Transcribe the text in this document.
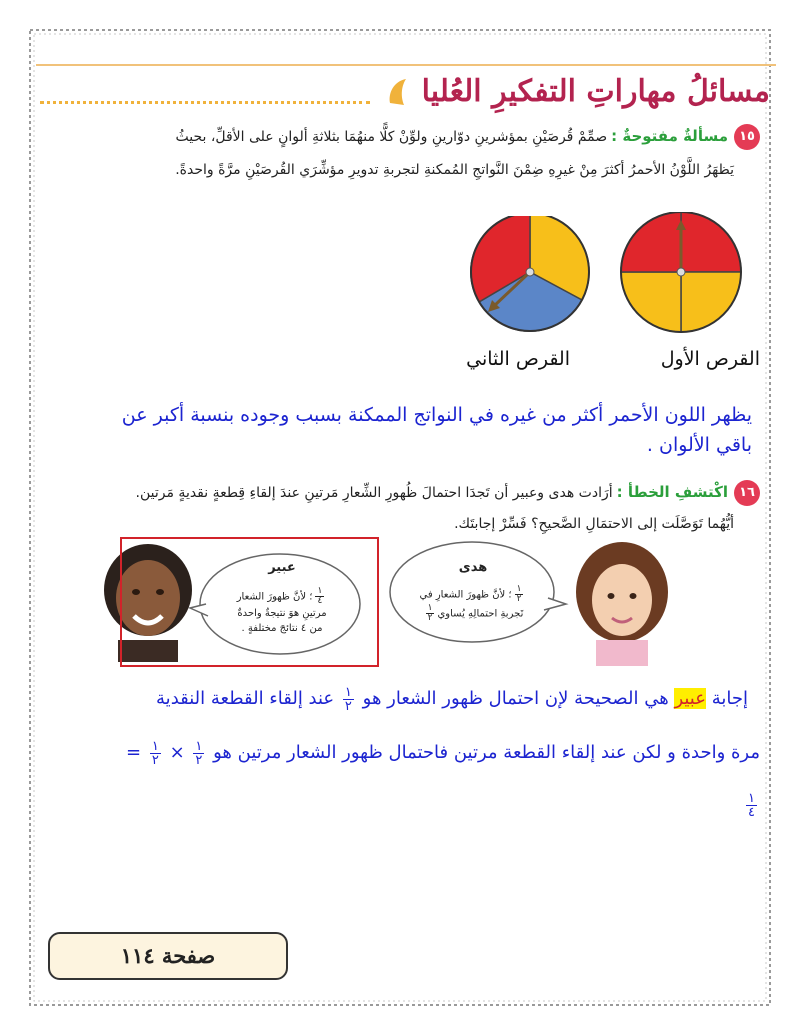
مسائلُ مهاراتِ التفكيرِ العُليا
١٥مسألةٌ مفتوحةٌ :صمِّمْ قُرصَيْنِ بمؤشرينِ دوّارينِ ولوِّنْ كلًّا منهُمَا بثلاثةِ ألوانٍ على الأقلِّ، بحيثُ
يَظهَرُ اللَّوْنُ الأحمرُ أكثرَ مِنْ غيرِهِ ضِمْنَ النَّواتجِ المُمكنةِ لتجربةِ تدويرِ مؤشِّرَي القُرصَيْنِ مرَّةً واحدةً.
القرص الأول
القرص الثاني
يظهر اللون الأحمر أكثر من غيره في النواتج الممكنة بسبب وجوده بنسبة أكبر عن
باقي الألوان .
١٦اكْتشفِ الخطأ :أرَادت هدى وعبير أن تَجدَا احتمالَ ظُهورِ الشِّعارِ مَرتينِ عندَ إلقاءِ قِطعةٍ نقديةٍ مَرتين.
أيُّهُما تَوَصَّلَت إلى الاحتمَالِ الصَّحيحِ؟ فَسِّرْ إجابتَك.
عبير
$\frac{١}{٤}$
؛ لأنَّ ظهورَ الشعار
مرتينِ هوَ نتيجةٌ واحدةٌ
من ٤ نتائجَ مختلفةٍ .
هدى
$\frac{١}{٢}$
؛ لأنَّ ظهورَ الشعارِ في
تَجربةِ احتمالِهِ يُساوي
$\frac{١}{٢}$
إجابة عبير هي الصحيحة لإن احتمال ظهور الشعار هو
$\frac{١}{٢}$
عند إلقاء القطعة النقدية
مرة واحدة و لكن عند إلقاء القطعة مرتين فاحتمال ظهور الشعار مرتين هو
$\frac{١}{٢}$
×
$\frac{١}{٢}$
=
$\frac{١}{٤}$
صفحة ١١٤
